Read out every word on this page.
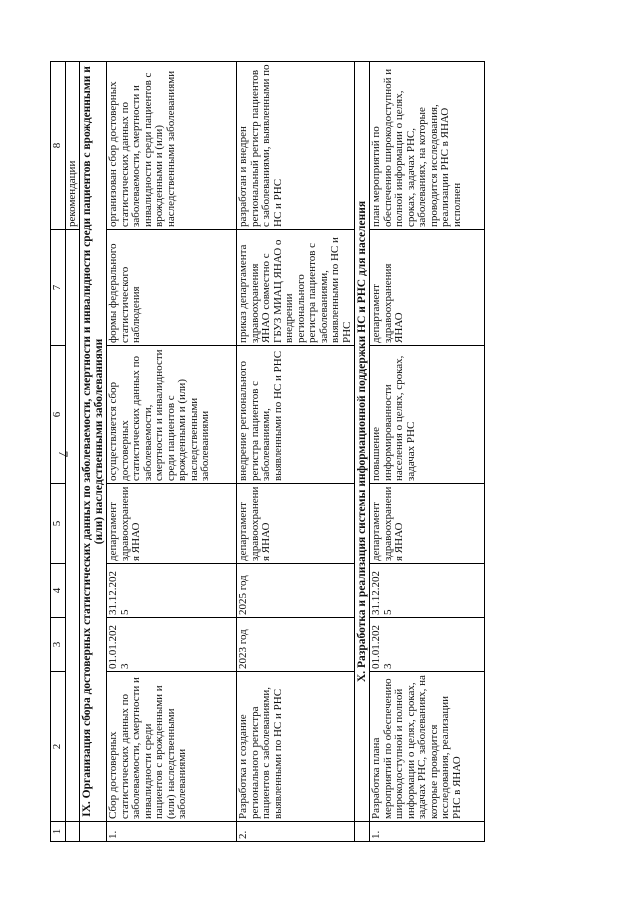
7
1	2	3	4	5	6	7	8
							рекомендации
	IX. Организация сбора достоверных статистических данных по заболеваемости, смертности и инвалидности среди пациентов с врожденными и (или) наследственными заболеваниями						
1.	Сбор достоверных статистических данных по заболеваемости, смертности и инвалидности среди пациентов с врожденными и (или) наследственными заболеваниями	01.01.2023	31.12.2025	департамент здравоохранения ЯНАО	осуществляется сбор достоверных статистических данных по заболеваемости, смертности и инвалидности среди пациентов с врожденными и (или) наследственными заболеваниями	формы федерального статистического наблюдения	организован сбор достоверных статистических данных по заболеваемости, смертности и инвалидности среди пациентов с врожденными и (или) наследственными заболеваниями
2.	Разработка и создание регионального регистра пациентов с заболеваниями, выявленными по НС и РНС	2023 год	2025 год	департамент здравоохранения ЯНАО	внедрение регионального регистра пациентов с заболеваниями, выявленными по НС и РНС	приказ департамента здравоохранения ЯНАО совместно с ГБУЗ МИАЦ ЯНАО о внедрении регионального регистра пациентов с заболеваниями, выявленными по НС и РНС	разработан и внедрен региональный регистр пациентов с заболеваниями, выявленными по НС и РНС
	X. Разработка и реализация системы информационной поддержки НС и РНС для населения						
1.	Разработка плана мероприятий по обеспечению широкодоступной и полной информации о целях, сроках, задачах РНС, заболеваниях, на которые проводится исследования, реализации РНС в ЯНАО	01.01.2023	31.12.2025	департамент здравоохранения ЯНАО	повышение информированности населения о целях, сроках, задачах РНС	департамент здравоохранения ЯНАО	план мероприятий по обеспечению широкодоступной и полной информации о целях, сроках, задачах РНС, заболеваниях, на которые проводится исследования, реализации РНС в ЯНАО исполнен
